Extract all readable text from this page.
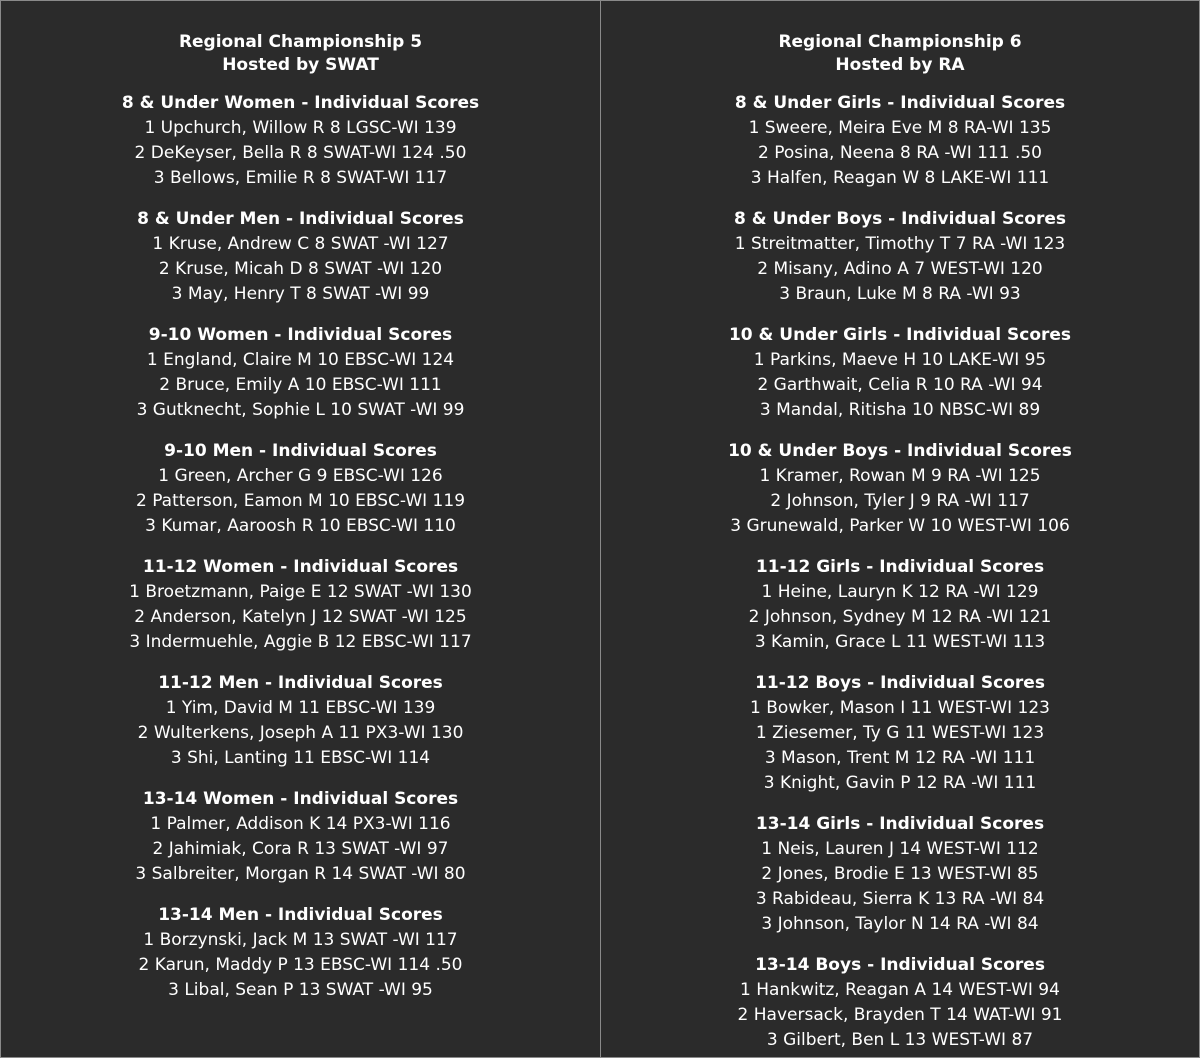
Regional Championship 5
Hosted by SWAT
8 & Under Women - Individual Scores
1 Upchurch, Willow R 8 LGSC-WI 139
2 DeKeyser, Bella R 8 SWAT-WI 124 .50
3 Bellows, Emilie R 8 SWAT-WI 117
8 & Under Men - Individual Scores
1 Kruse, Andrew C 8 SWAT -WI 127
2 Kruse, Micah D 8 SWAT -WI 120
3 May, Henry T 8 SWAT -WI 99
9-10 Women - Individual Scores
1 England, Claire M 10 EBSC-WI 124
2 Bruce, Emily A 10 EBSC-WI 111
3 Gutknecht, Sophie L 10 SWAT -WI 99
9-10 Men - Individual Scores
1 Green, Archer G 9 EBSC-WI 126
2 Patterson, Eamon M 10 EBSC-WI 119
3 Kumar, Aaroosh R 10 EBSC-WI 110
11-12 Women - Individual Scores
1 Broetzmann, Paige E 12 SWAT -WI 130
2 Anderson, Katelyn J 12 SWAT -WI 125
3 Indermuehle, Aggie B 12 EBSC-WI 117
11-12 Men - Individual Scores
1 Yim, David M 11 EBSC-WI 139
2 Wulterkens, Joseph A 11 PX3-WI 130
3 Shi, Lanting 11 EBSC-WI 114
13-14 Women - Individual Scores
1 Palmer, Addison K 14 PX3-WI 116
2 Jahimiak, Cora R 13 SWAT -WI 97
3 Salbreiter, Morgan R 14 SWAT -WI 80
13-14 Men - Individual Scores
1 Borzynski, Jack M 13 SWAT -WI 117
2 Karun, Maddy P 13 EBSC-WI 114 .50
3 Libal, Sean P 13 SWAT -WI 95
Regional Championship 6
Hosted by RA
8 & Under Girls - Individual Scores
1 Sweere, Meira Eve M 8 RA-WI 135
2 Posina, Neena 8 RA -WI 111 .50
3 Halfen, Reagan W 8 LAKE-WI 111
8 & Under Boys - Individual Scores
1 Streitmatter, Timothy T 7 RA -WI 123
2 Misany, Adino A 7 WEST-WI 120
3 Braun, Luke M 8 RA -WI 93
10 & Under Girls - Individual Scores
1 Parkins, Maeve H 10 LAKE-WI 95
2 Garthwait, Celia R 10 RA -WI 94
3 Mandal, Ritisha 10 NBSC-WI 89
10 & Under Boys - Individual Scores
1 Kramer, Rowan M 9 RA -WI 125
2 Johnson, Tyler J 9 RA -WI 117
3 Grunewald, Parker W 10 WEST-WI 106
11-12 Girls - Individual Scores
1 Heine, Lauryn K 12 RA -WI 129
2 Johnson, Sydney M 12 RA -WI 121
3 Kamin, Grace L 11 WEST-WI 113
11-12 Boys - Individual Scores
1 Bowker, Mason I 11 WEST-WI 123
1 Ziesemer, Ty G 11 WEST-WI 123
3 Mason, Trent M 12 RA -WI 111
3 Knight, Gavin P 12 RA -WI 111
13-14 Girls - Individual Scores
1 Neis, Lauren J 14 WEST-WI 112
2 Jones, Brodie E 13 WEST-WI 85
3 Rabideau, Sierra K 13 RA -WI 84
3 Johnson, Taylor N 14 RA -WI 84
13-14 Boys - Individual Scores
1 Hankwitz, Reagan A 14 WEST-WI 94
2 Haversack, Brayden T 14 WAT-WI 91
3 Gilbert, Ben L 13 WEST-WI 87
